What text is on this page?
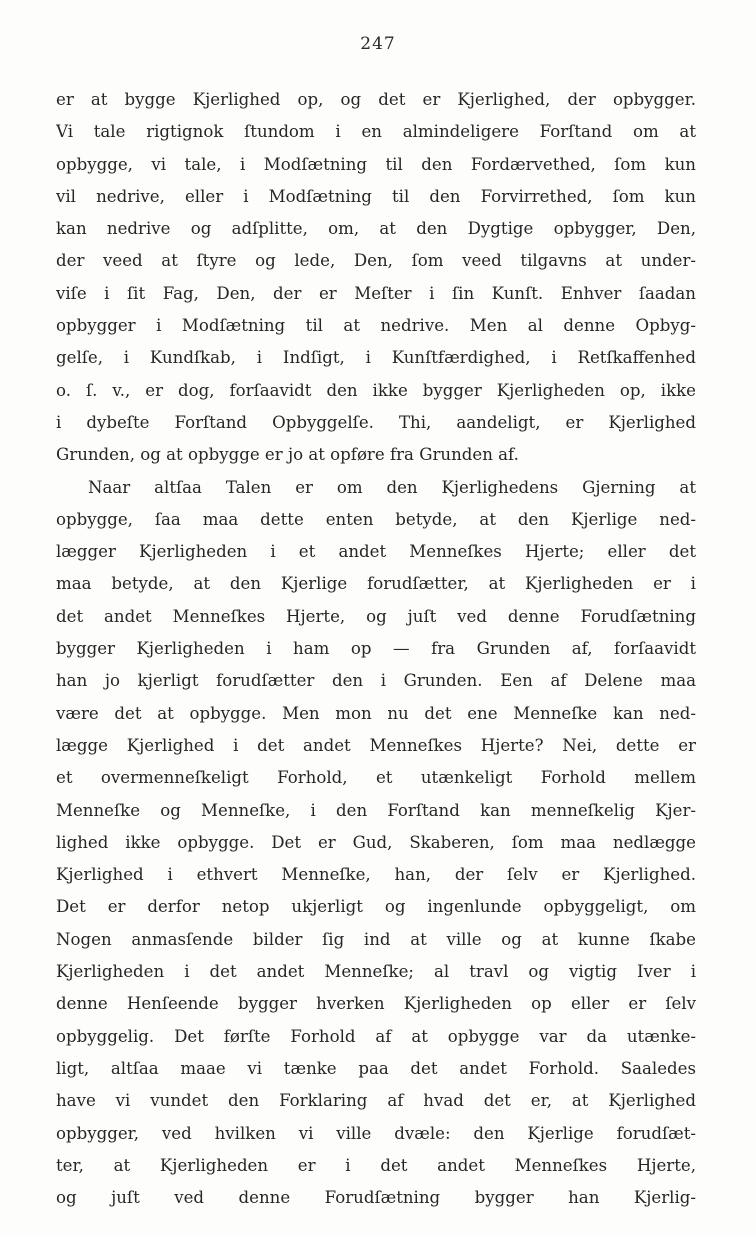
247
er at bygge Kjerlighed op, og det er Kjerlighed, der opbygger.
Vi tale rigtignok ſtundom i en almindeligere Forſtand om at
opbygge, vi tale, i Modſætning til den Fordærvethed, ſom kun
vil nedrive, eller i Modſætning til den Forvirrethed, ſom kun
kan nedrive og adſplitte, om, at den Dygtige opbygger, Den,
der veed at ſtyre og lede, Den, ſom veed tilgavns at under-
viſe i ſit Fag, Den, der er Meſter i ſin Kunſt. Enhver ſaadan
opbygger i Modſætning til at nedrive. Men al denne Opbyg-
gelſe, i Kundſkab, i Indſigt, i Kunſtfærdighed, i Retſkaffenhed
o. ſ. v., er dog, forſaavidt den ikke bygger Kjerligheden op, ikke
i dybeſte Forſtand Opbyggelſe. Thi, aandeligt, er Kjerlighed
Grunden, og at opbygge er jo at opføre fra Grunden af.
Naar altſaa Talen er om den Kjerlighedens Gjerning at
opbygge, ſaa maa dette enten betyde, at den Kjerlige ned-
lægger Kjerligheden i et andet Menneſkes Hjerte; eller det
maa betyde, at den Kjerlige forudſætter, at Kjerligheden er i
det andet Menneſkes Hjerte, og juſt ved denne Forudſætning
bygger Kjerligheden i ham op — fra Grunden af, forſaavidt
han jo kjerligt forudſætter den i Grunden. Een af Delene maa
være det at opbygge. Men mon nu det ene Menneſke kan ned-
lægge Kjerlighed i det andet Menneſkes Hjerte? Nei, dette er
et overmenneſkeligt Forhold, et utænkeligt Forhold mellem
Menneſke og Menneſke, i den Forſtand kan menneſkelig Kjer-
lighed ikke opbygge. Det er Gud, Skaberen, ſom maa nedlægge
Kjerlighed i ethvert Menneſke, han, der ſelv er Kjerlighed.
Det er derfor netop ukjerligt og ingenlunde opbyggeligt, om
Nogen anmasſende bilder ſig ind at ville og at kunne ſkabe
Kjerligheden i det andet Menneſke; al travl og vigtig Iver i
denne Henſeende bygger hverken Kjerligheden op eller er ſelv
opbyggelig. Det førſte Forhold af at opbygge var da utænke-
ligt, altſaa maae vi tænke paa det andet Forhold. Saaledes
have vi vundet den Forklaring af hvad det er, at Kjerlighed
opbygger, ved hvilken vi ville dvæle: den Kjerlige forudſæt-
ter, at Kjerligheden er i det andet Menneſkes Hjerte,
og juſt ved denne Forudſætning bygger han Kjerlig-
